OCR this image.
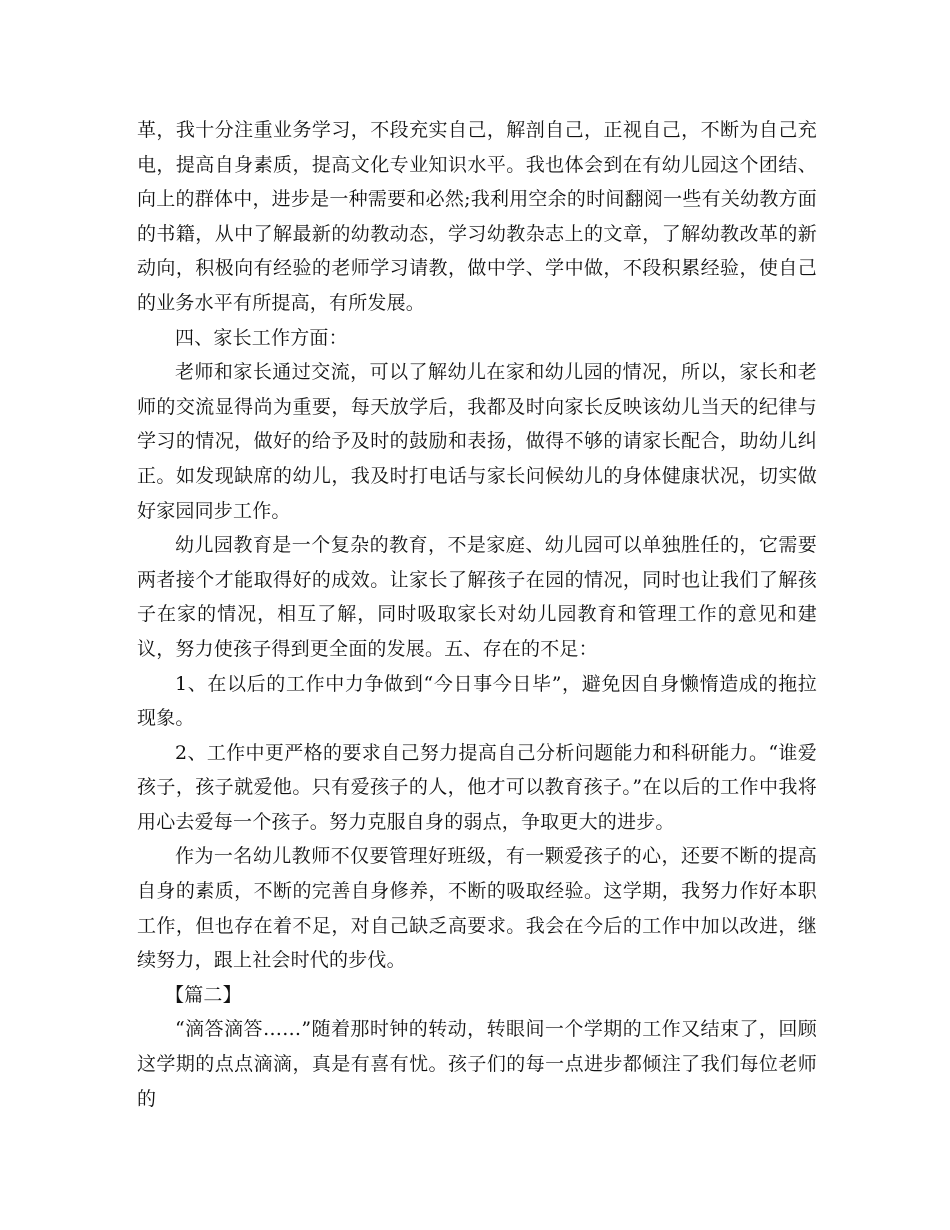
革，我十分注重业务学习，不段充实自己，解剖自己，正视自己，不断为自己充电，提高自身素质，提高文化专业知识水平。我也体会到在有幼儿园这个团结、向上的群体中，进步是一种需要和必然;我利用空余的时间翻阅一些有关幼教方面的书籍，从中了解最新的幼教动态，学习幼教杂志上的文章，了解幼教改革的新动向，积极向有经验的老师学习请教，做中学、学中做，不段积累经验，使自己的业务水平有所提高，有所发展。

四、家长工作方面：

老师和家长通过交流，可以了解幼儿在家和幼儿园的情况，所以，家长和老师的交流显得尚为重要，每天放学后，我都及时向家长反映该幼儿当天的纪律与学习的情况，做好的给予及时的鼓励和表扬，做得不够的请家长配合，助幼儿纠正。如发现缺席的幼儿，我及时打电话与家长问候幼儿的身体健康状况，切实做好家园同步工作。

幼儿园教育是一个复杂的教育，不是家庭、幼儿园可以单独胜任的，它需要两者接个才能取得好的成效。让家长了解孩子在园的情况，同时也让我们了解孩子在家的情况，相互了解，同时吸取家长对幼儿园教育和管理工作的意见和建议，努力使孩子得到更全面的发展。五、存在的不足：

1、在以后的工作中力争做到“今日事今日毕”，避免因自身懒惰造成的拖拉现象。

2、工作中更严格的要求自己努力提高自己分析问题能力和科研能力。“谁爱孩子，孩子就爱他。只有爱孩子的人，他才可以教育孩子。”在以后的工作中我将用心去爱每一个孩子。努力克服自身的弱点，争取更大的进步。

作为一名幼儿教师不仅要管理好班级，有一颗爱孩子的心，还要不断的提高自身的素质，不断的完善自身修养，不断的吸取经验。这学期，我努力作好本职工作，但也存在着不足，对自己缺乏高要求。我会在今后的工作中加以改进，继续努力，跟上社会时代的步伐。

【篇二】

“滴答滴答……”随着那时钟的转动，转眼间一个学期的工作又结束了，回顾这学期的点点滴滴，真是有喜有忧。孩子们的每一点进步都倾注了我们每位老师的
